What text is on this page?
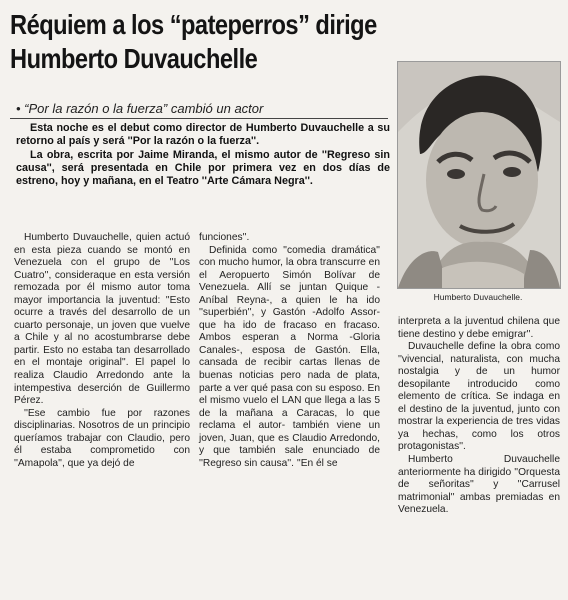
Réquiem a los “pateperros” dirige
Humberto Duvauchelle
• “Por la razón o la fuerza” cambió un actor

Esta noche es el debut como director de Humberto Duvauchelle a su retorno al país y será ''Por la razón o la fuerza''.

La obra, escrita por Jaime Miranda, el mismo autor de ''Regreso sin causa'', será presentada en Chile por primera vez en dos días de estreno, hoy y mañana, en el Teatro ''Arte Cámara Negra''.

Humberto Duvauchelle.

Humberto Duvauchelle, quien actuó en esta pieza cuando se montó en Venezuela con el grupo de ''Los Cuatro'', consideraque en esta versión remozada por él mismo autor toma mayor importancia la juventud: ''Esto ocurre a través del desarrollo de un cuarto personaje, un joven que vuelve a Chile y al no acostumbrarse debe partir. Esto no estaba tan desarrollado en el montaje original''. El papel lo realiza Claudio Arredondo ante la intempestiva deserción de Guillermo Pérez.

''Ese cambio fue por razones disciplinarias. Nosotros de un principio queríamos trabajar con Claudio, pero él estaba comprometido con ''Amapola'', que ya dejó de

funciones''.

Definida como ''comedia dramática'' con mucho humor, la obra transcurre en el Aeropuerto Simón Bolívar de Venezuela. Allí se juntan Quique -Aníbal Reyna-, a quien le ha ido ''superbién'', y Gastón -Adolfo Assor- que ha ido de fracaso en fracaso. Ambos esperan a Norma -Gloria Canales-, esposa de Gastón. Ella, cansada de recibir cartas llenas de buenas noticias pero nada de plata, parte a ver qué pasa con su esposo. En el mismo vuelo el LAN que llega a las 5 de la mañana a Caracas, lo que reclama el autor- también viene un joven, Juan, que es Claudio Arredondo, y que también sale enunciado de ''Regreso sin causa''. ''En él se

interpreta a la juventud chilena que tiene destino y debe emigrar''.

Duvauchelle define la obra como ''vivencial, naturalista, con mucha nostalgia y de un humor desopilante introducido como elemento de crítica. Se indaga en el destino de la juventud, junto con mostrar la experiencia de tres vidas ya hechas, como los otros protagonistas''.

Humberto Duvauchelle anteriormente ha dirigido ''Orquesta de señoritas'' y ''Carrusel matrimonial'' ambas premiadas en Venezuela.
